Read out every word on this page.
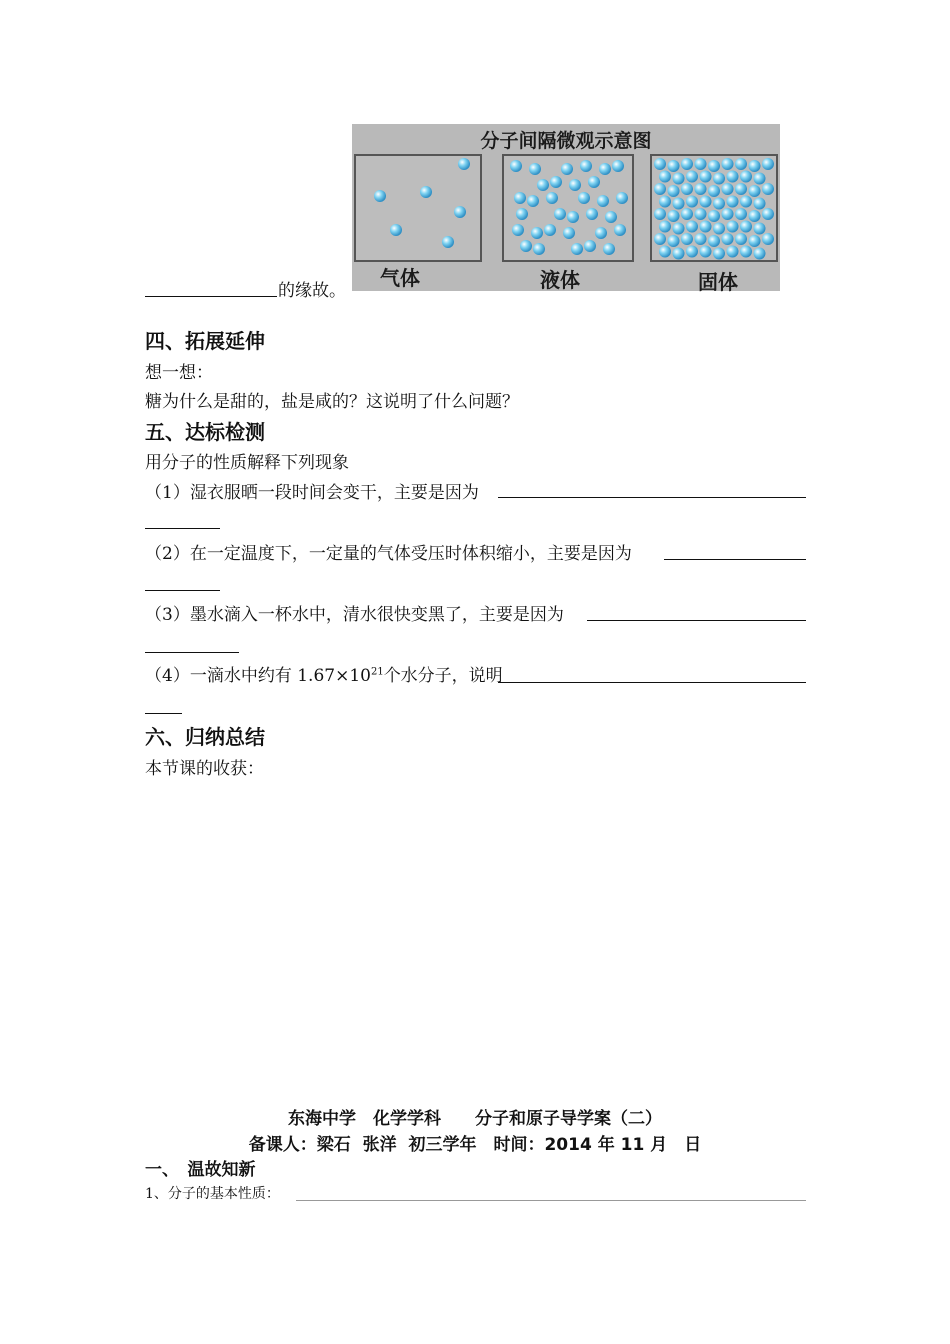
分子间隔微观示意图
气体	液体	固体
的缘故。
四、拓展延伸
想一想：
糖为什么是甜的，盐是咸的？这说明了什么问题？
五、达标检测
用分子的性质解释下列现象
（1）湿衣服晒一段时间会变干，主要是因为
（2）在一定温度下，一定量的气体受压时体积缩小，主要是因为
（3）墨水滴入一杯水中，清水很快变黑了，主要是因为
（4）一滴水中约有 $1.67\times 10^{21}$个水分子，说明
六、归纳总结
本节课的收获：
东海中学　化学学科　　分子和原子导学案（二）
备课人：梁石  张洋  初三学年　时间：2014 年 11 月　日
一、　温故知新
1、分子的基本性质：
